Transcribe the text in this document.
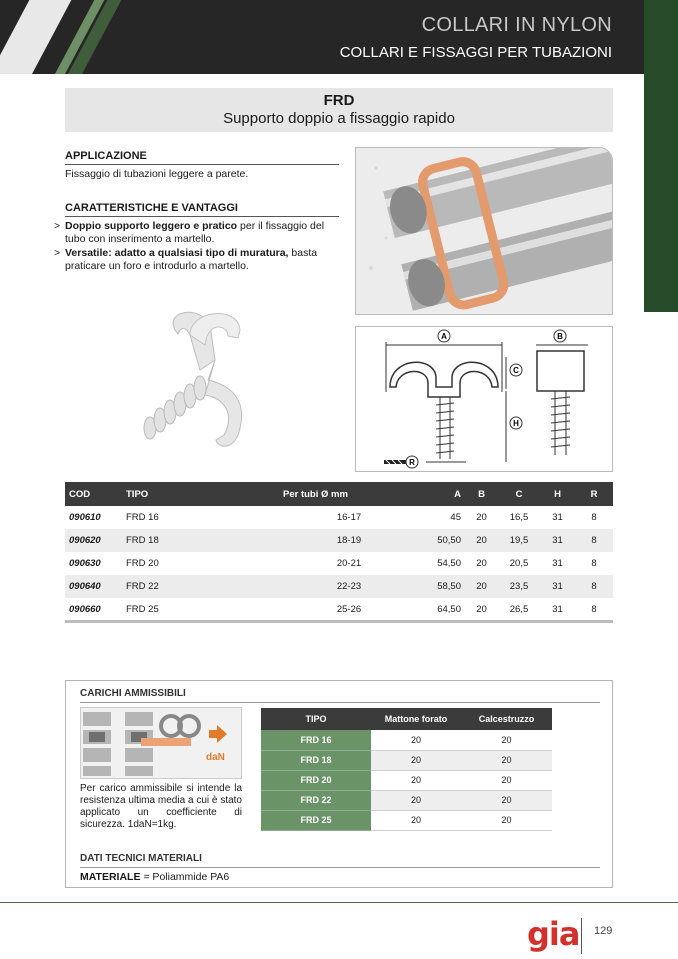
COLLARI IN NYLON
COLLARI E FISSAGGI PER TUBAZIONI
FRD
Supporto doppio a fissaggio rapido
APPLICAZIONE
Fissaggio di tubazioni leggere a parete.
CARATTERISTICHE E VANTAGGI
> Doppio supporto leggero e pratico per il fissaggio del tubo con inserimento a martello.
> Versatile: adatto a qualsiasi tipo di muratura, basta praticare un foro e introdurlo a martello.
A	B
C
H
R
COD	TIPO	Per tubi Ø mm	A	B	C	H	R
090610	FRD 16	16-17	45	20	16,5	31	8
090620	FRD 18	18-19	50,50	20	19,5	31	8
090630	FRD 20	20-21	54,50	20	20,5	31	8
090640	FRD 22	22-23	58,50	20	23,5	31	8
090660	FRD 25	25-26	64,50	20	26,5	31	8
CARICHI AMMISSIBILI
daN
Per carico ammissibile si intende la resistenza ultima media a cui è stato applicato un coefficiente di sicurezza. 1daN=1kg.
TIPO	Mattone forato	Calcestruzzo
FRD 16	20	20
FRD 18	20	20
FRD 20	20	20
FRD 22	20	20
FRD 25	20	20
DATI TECNICI MATERIALI
MATERIALE = Poliammide PA6
gia 129
